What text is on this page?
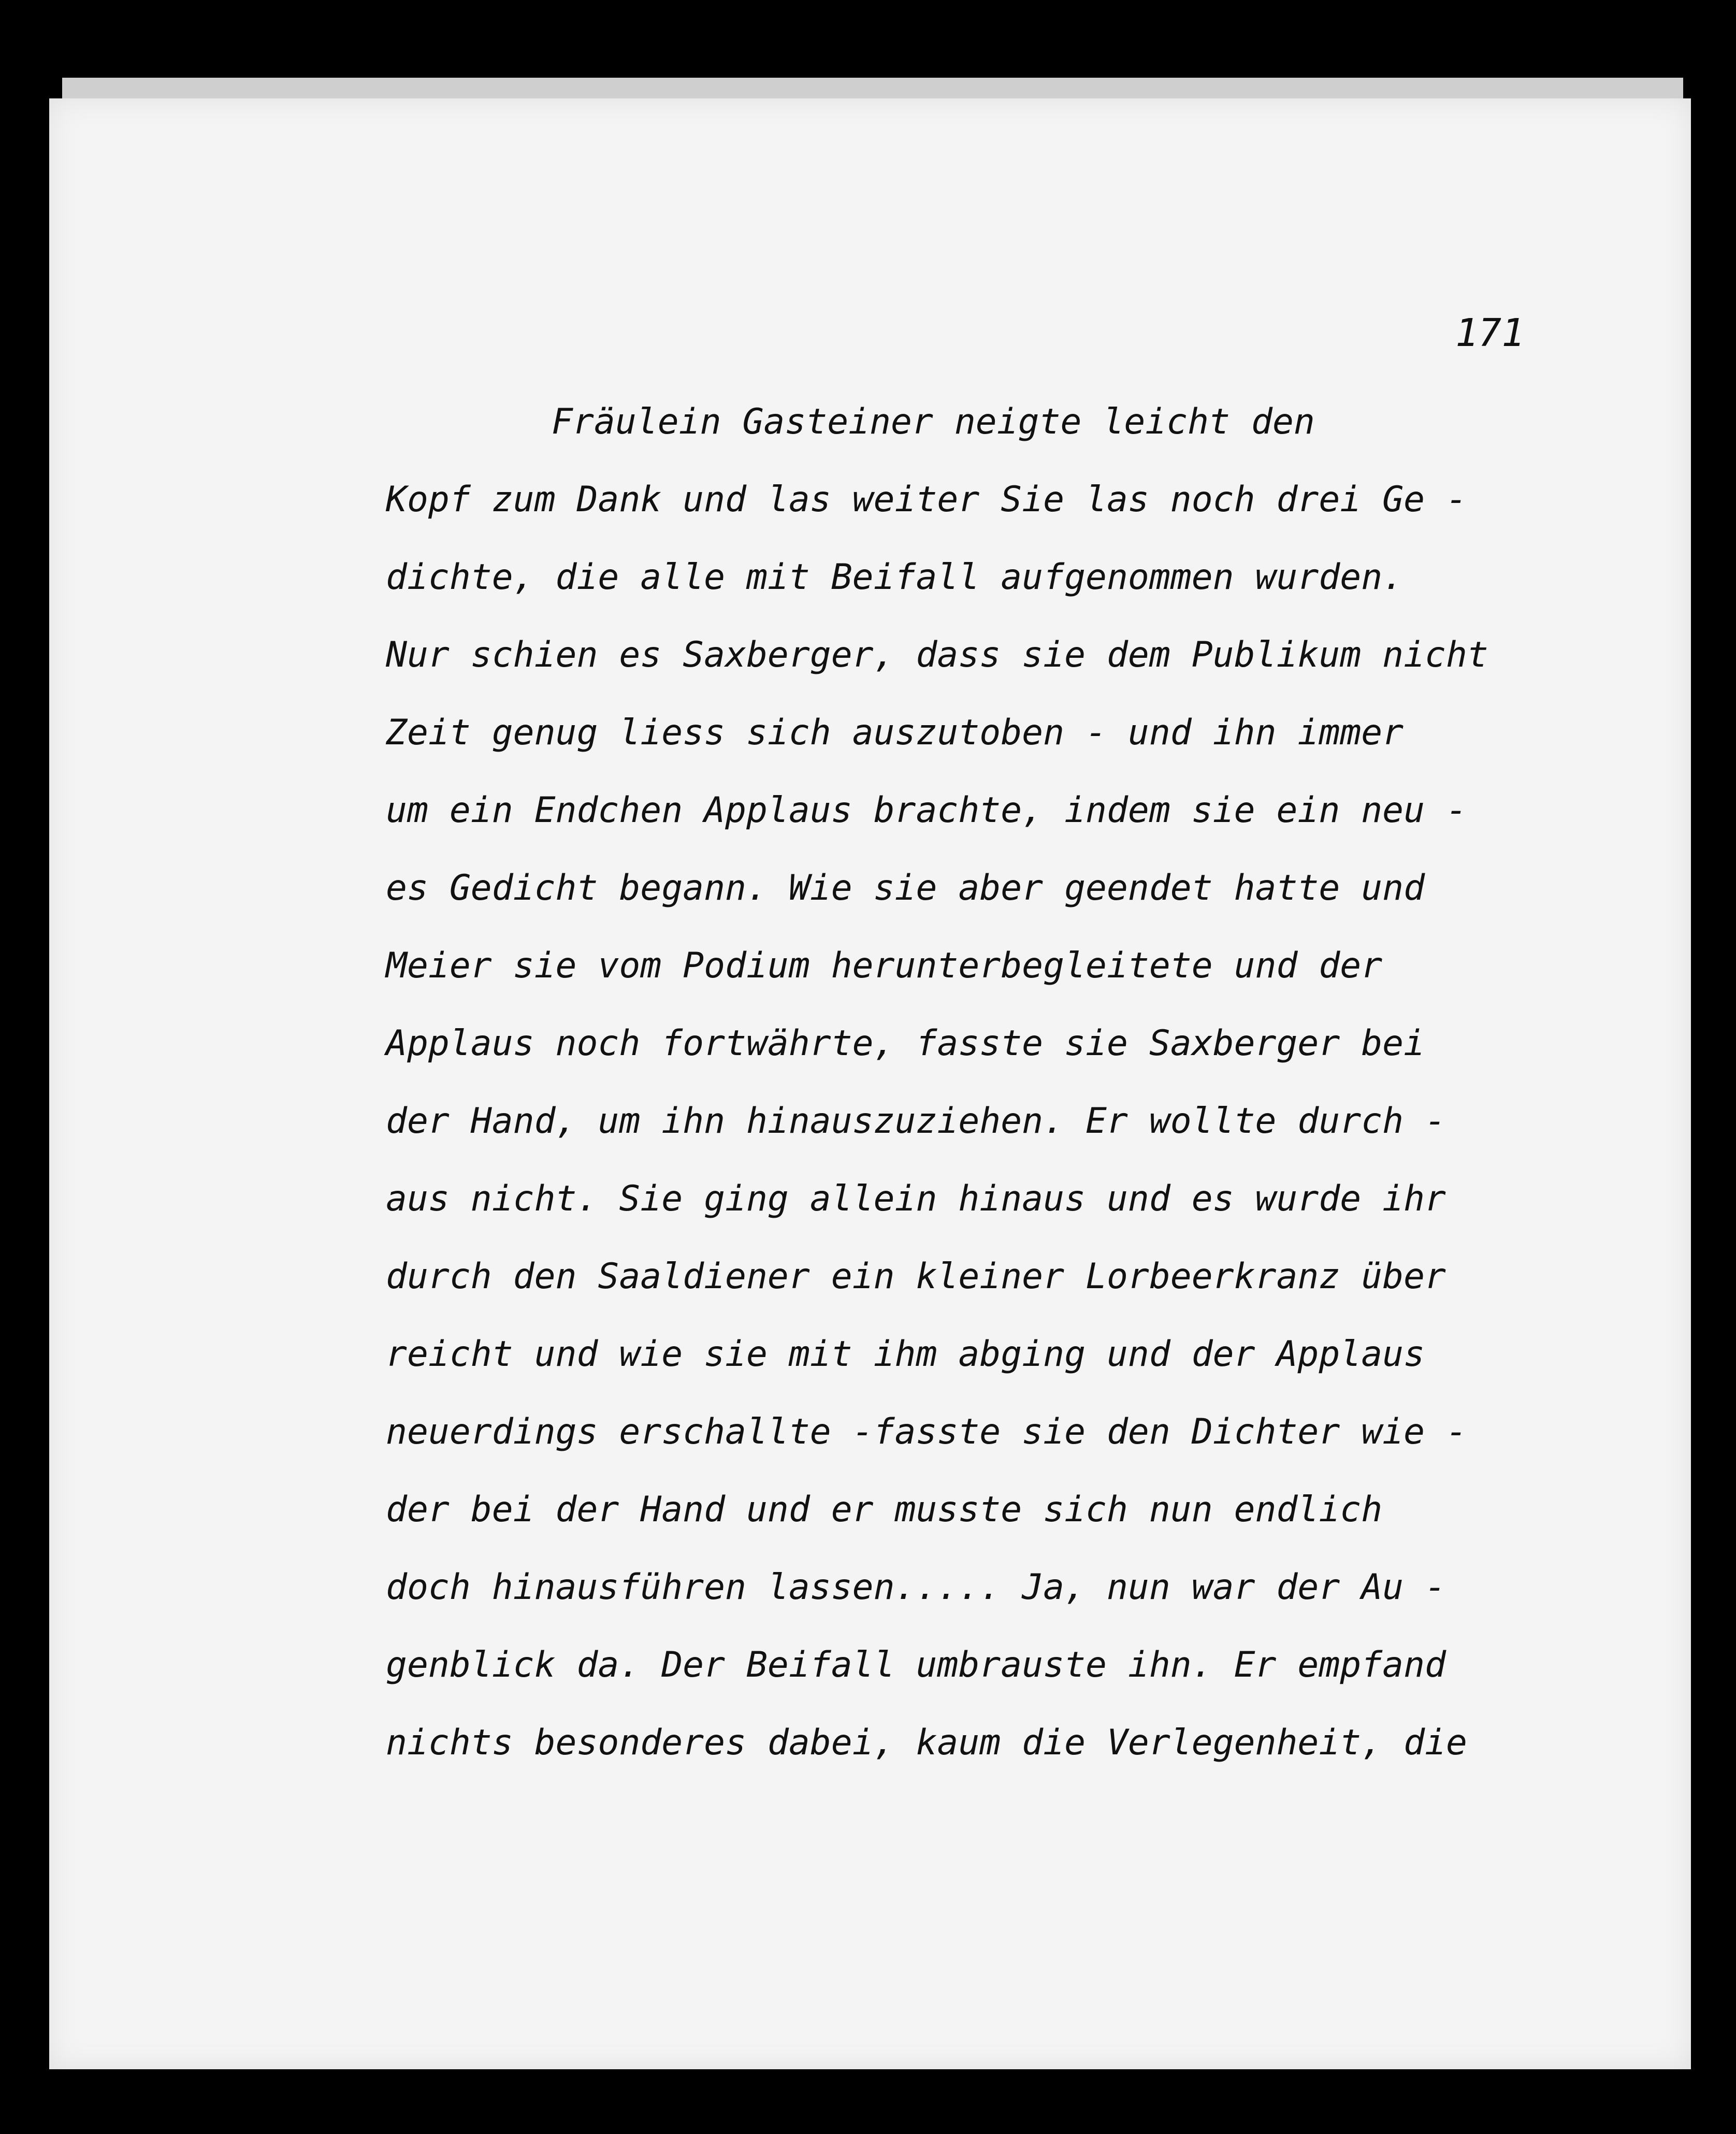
171
Fräulein Gasteiner neigte leicht den
Kopf zum Dank und las weiter Sie las noch drei Ge -
dichte, die alle mit Beifall aufgenommen wurden.
Nur schien es Saxberger, dass sie dem Publikum nicht
Zeit genug liess sich auszutoben - und ihn immer
um ein Endchen Applaus brachte, indem sie ein neu -
es Gedicht begann. Wie sie aber geendet hatte und
Meier sie vom Podium herunterbegleitete und der
Applaus noch fortwährte, fasste sie Saxberger bei
der Hand, um ihn hinauszuziehen. Er wollte durch -
aus nicht. Sie ging allein hinaus und es wurde ihr
durch den Saaldiener ein kleiner Lorbeerkranz über
reicht und wie sie mit ihm abging und der Applaus
neuerdings erschallte -fasste sie den Dichter wie -
der bei der Hand und er musste sich nun endlich
doch hinausführen lassen..... Ja, nun war der Au -
genblick da. Der Beifall umbrauste ihn. Er empfand
nichts besonderes dabei, kaum die Verlegenheit, die
